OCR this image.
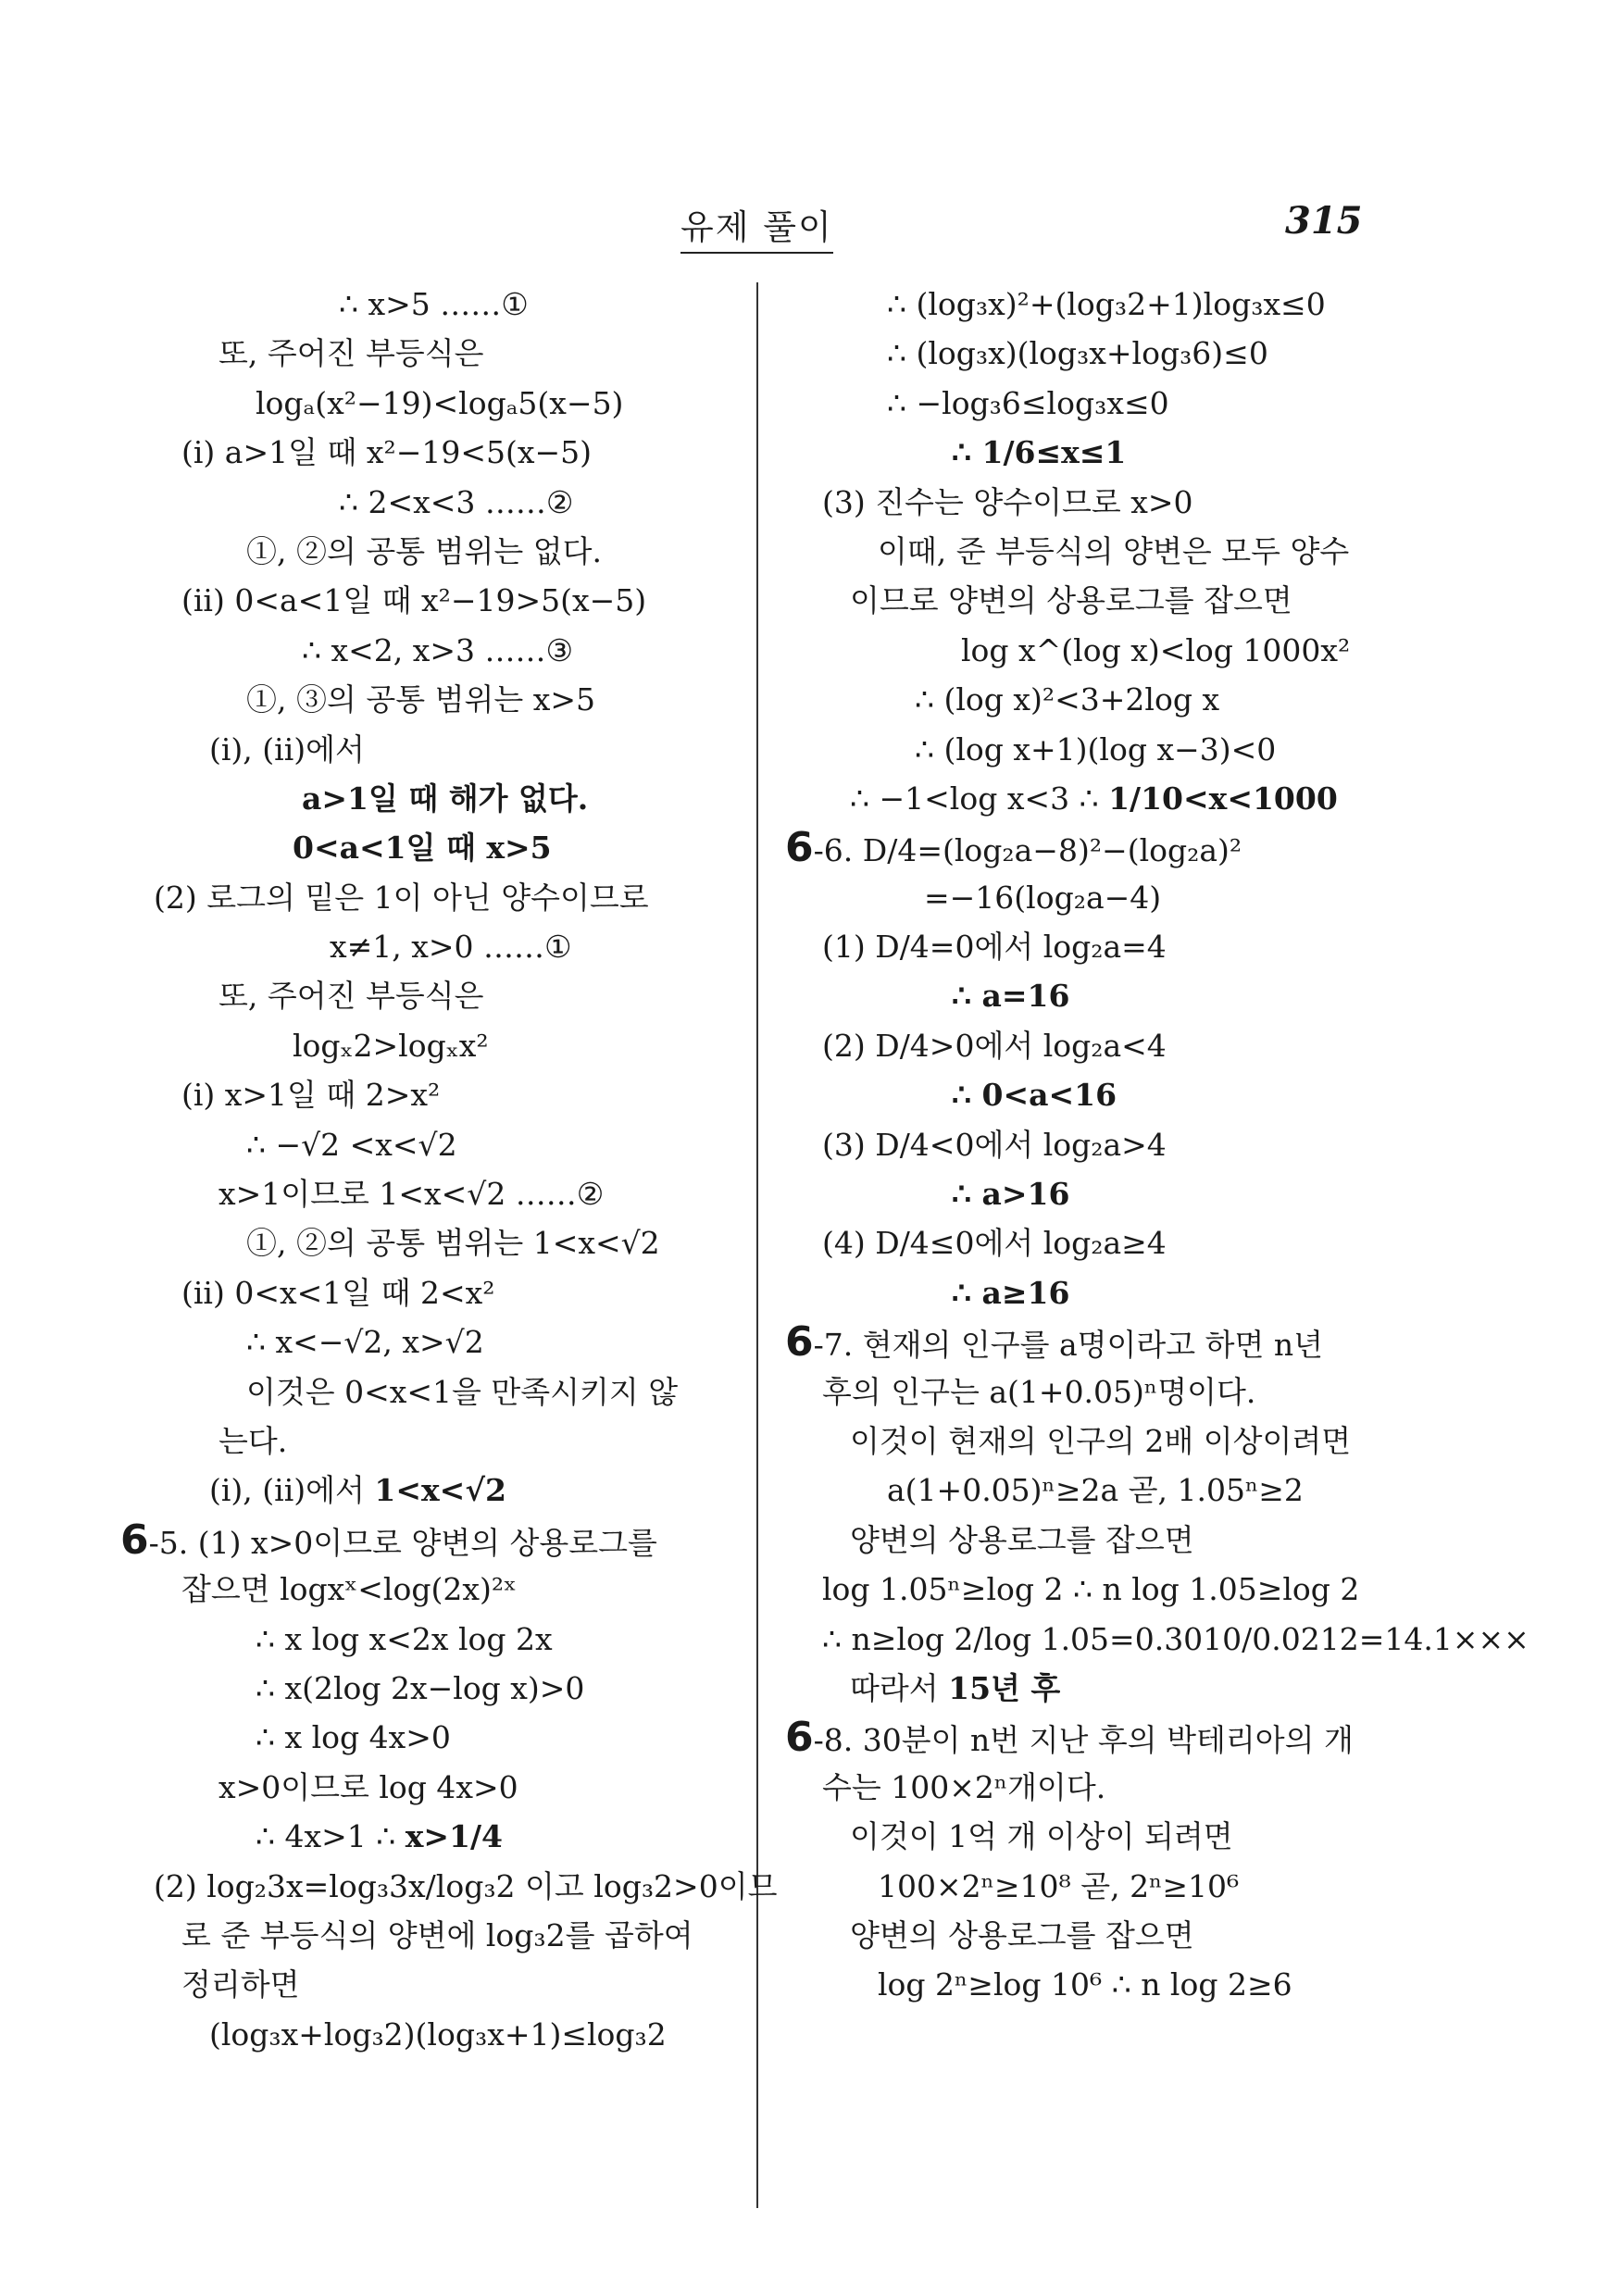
유제 풀이	315
∴ x>5 ……①
또, 주어진 부등식은
logₐ(x²−19)<logₐ5(x−5)
(i) a>1일 때 x²−19<5(x−5)
∴ 2<x<3 ……②
①, ②의 공통 범위는 없다.
(ii) 0<a<1일 때 x²−19>5(x−5)
∴ x<2, x>3 ……③
①, ③의 공통 범위는 x>5
(i), (ii)에서
a>1일 때 해가 없다.
0<a<1일 때 x>5
(2) 로그의 밑은 1이 아닌 양수이므로
x≠1, x>0 ……①
또, 주어진 부등식은
logₓ2>logₓx²
(i) x>1일 때 2>x²
∴ −√2 <x<√2
x>1이므로 1<x<√2 ……②
①, ②의 공통 범위는 1<x<√2
(ii) 0<x<1일 때 2<x²
∴ x<−√2, x>√2
이것은 0<x<1을 만족시키지 않
는다.
(i), (ii)에서 1<x<√2
6-5. (1) x>0이므로 양변의 상용로그를
잡으면 logxˣ<log(2x)²ˣ
∴ x log x<2x log 2x
∴ x(2log 2x−log x)>0
∴ x log 4x>0
x>0이므로 log 4x>0
∴ 4x>1 ∴ x>1/4
(2) log₂3x=log₃3x/log₃2 이고 log₃2>0이므
로 준 부등식의 양변에 log₃2를 곱하여
정리하면
(log₃x+log₃2)(log₃x+1)≤log₃2
∴ (log₃x)²+(log₃2+1)log₃x≤0
∴ (log₃x)(log₃x+log₃6)≤0
∴ −log₃6≤log₃x≤0
∴ 1/6≤x≤1
(3) 진수는 양수이므로 x>0
이때, 준 부등식의 양변은 모두 양수
이므로 양변의 상용로그를 잡으면
log x^(log x)<log 1000x²
∴ (log x)²<3+2log x
∴ (log x+1)(log x−3)<0
∴ −1<log x<3 ∴ 1/10<x<1000
6-6. D/4=(log₂a−8)²−(log₂a)²
=−16(log₂a−4)
(1) D/4=0에서 log₂a=4
∴ a=16
(2) D/4>0에서 log₂a<4
∴ 0<a<16
(3) D/4<0에서 log₂a>4
∴ a>16
(4) D/4≤0에서 log₂a≥4
∴ a≥16
6-7. 현재의 인구를 a명이라고 하면 n년
후의 인구는 a(1+0.05)ⁿ명이다.
이것이 현재의 인구의 2배 이상이려면
a(1+0.05)ⁿ≥2a 곧, 1.05ⁿ≥2
양변의 상용로그를 잡으면
log 1.05ⁿ≥log 2 ∴ n log 1.05≥log 2
∴ n≥log 2/log 1.05=0.3010/0.0212=14.1×××
따라서 15년 후
6-8. 30분이 n번 지난 후의 박테리아의 개
수는 100×2ⁿ개이다.
이것이 1억 개 이상이 되려면
100×2ⁿ≥10⁸ 곧, 2ⁿ≥10⁶
양변의 상용로그를 잡으면
log 2ⁿ≥log 10⁶ ∴ n log 2≥6
